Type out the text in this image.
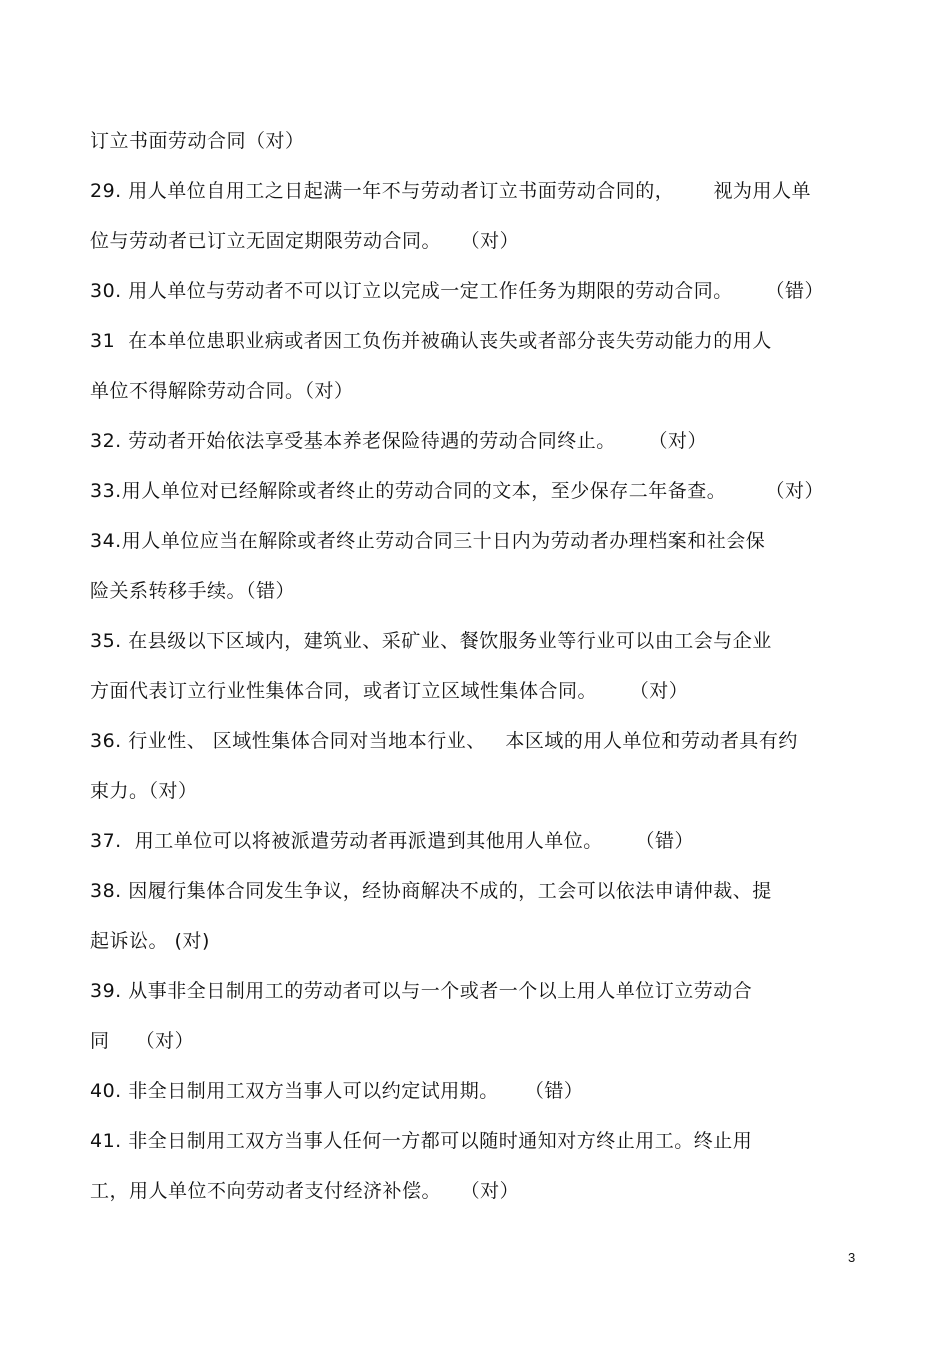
订立书面劳动合同（对）
29. 用人单位自用工之日起满一年不与劳动者订立书面劳动合同的，      视为用人单
位与劳动者已订立无固定期限劳动合同。   （对）
30. 用人单位与劳动者不可以订立以完成一定工作任务为期限的劳动合同。     （错）
31  在本单位患职业病或者因工负伤并被确认丧失或者部分丧失劳动能力的用人
单位不得解除劳动合同。（对）
32. 劳动者开始依法享受基本养老保险待遇的劳动合同终止。     （对）
33.用人单位对已经解除或者终止的劳动合同的文本，至少保存二年备查。      （对）
34.用人单位应当在解除或者终止劳动合同三十日内为劳动者办理档案和社会保
险关系转移手续。（错）
35. 在县级以下区域内，建筑业、采矿业、餐饮服务业等行业可以由工会与企业
方面代表订立行业性集体合同，或者订立区域性集体合同。     （对）
36. 行业性、 区域性集体合同对当地本行业、   本区域的用人单位和劳动者具有约
束力。（对）
37.  用工单位可以将被派遣劳动者再派遣到其他用人单位。     （错）
38. 因履行集体合同发生争议，经协商解决不成的，工会可以依法申请仲裁、提
起诉讼。 (对)
39. 从事非全日制用工的劳动者可以与一个或者一个以上用人单位订立劳动合
同    （对）
40. 非全日制用工双方当事人可以约定试用期。    （错）
41. 非全日制用工双方当事人任何一方都可以随时通知对方终止用工。终止用
工，用人单位不向劳动者支付经济补偿。   （对）
3
